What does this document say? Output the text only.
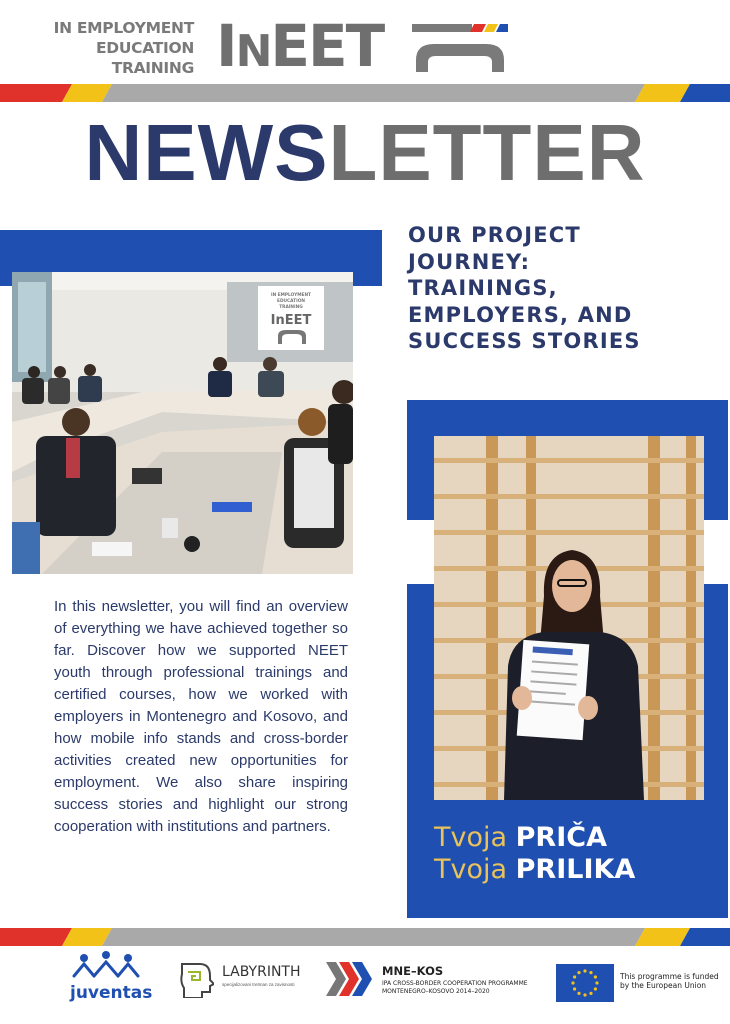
IN EMPLOYMENT
EDUCATION
TRAINING INEET
NEWSLETTER
IN EMPLOYMENT
EDUCATION
TRAINING
InEET
In this newsletter, you will find an overview of everything we have achieved together so far. Discover how we supported NEET youth through professional trainings and certified courses, how we worked with employers in Montenegro and Kosovo, and how mobile info stands and cross-border activities created new opportunities for employment. We also share inspiring success stories and highlight our strong cooperation with institutions and partners.
OUR PROJECT
JOURNEY:
TRAININGS,
EMPLOYERS, AND
SUCCESS STORIES
Tvoja PRIČA
Tvoja PRILIKA
juventas
LABYRINTH
specijalizovani tretman za zavisnosti
MNE–KOS
IPA CROSS-BORDER COOPERATION PROGRAMME
MONTENEGRO–KOSOVO 2014–2020
This programme is funded
by the European Union
